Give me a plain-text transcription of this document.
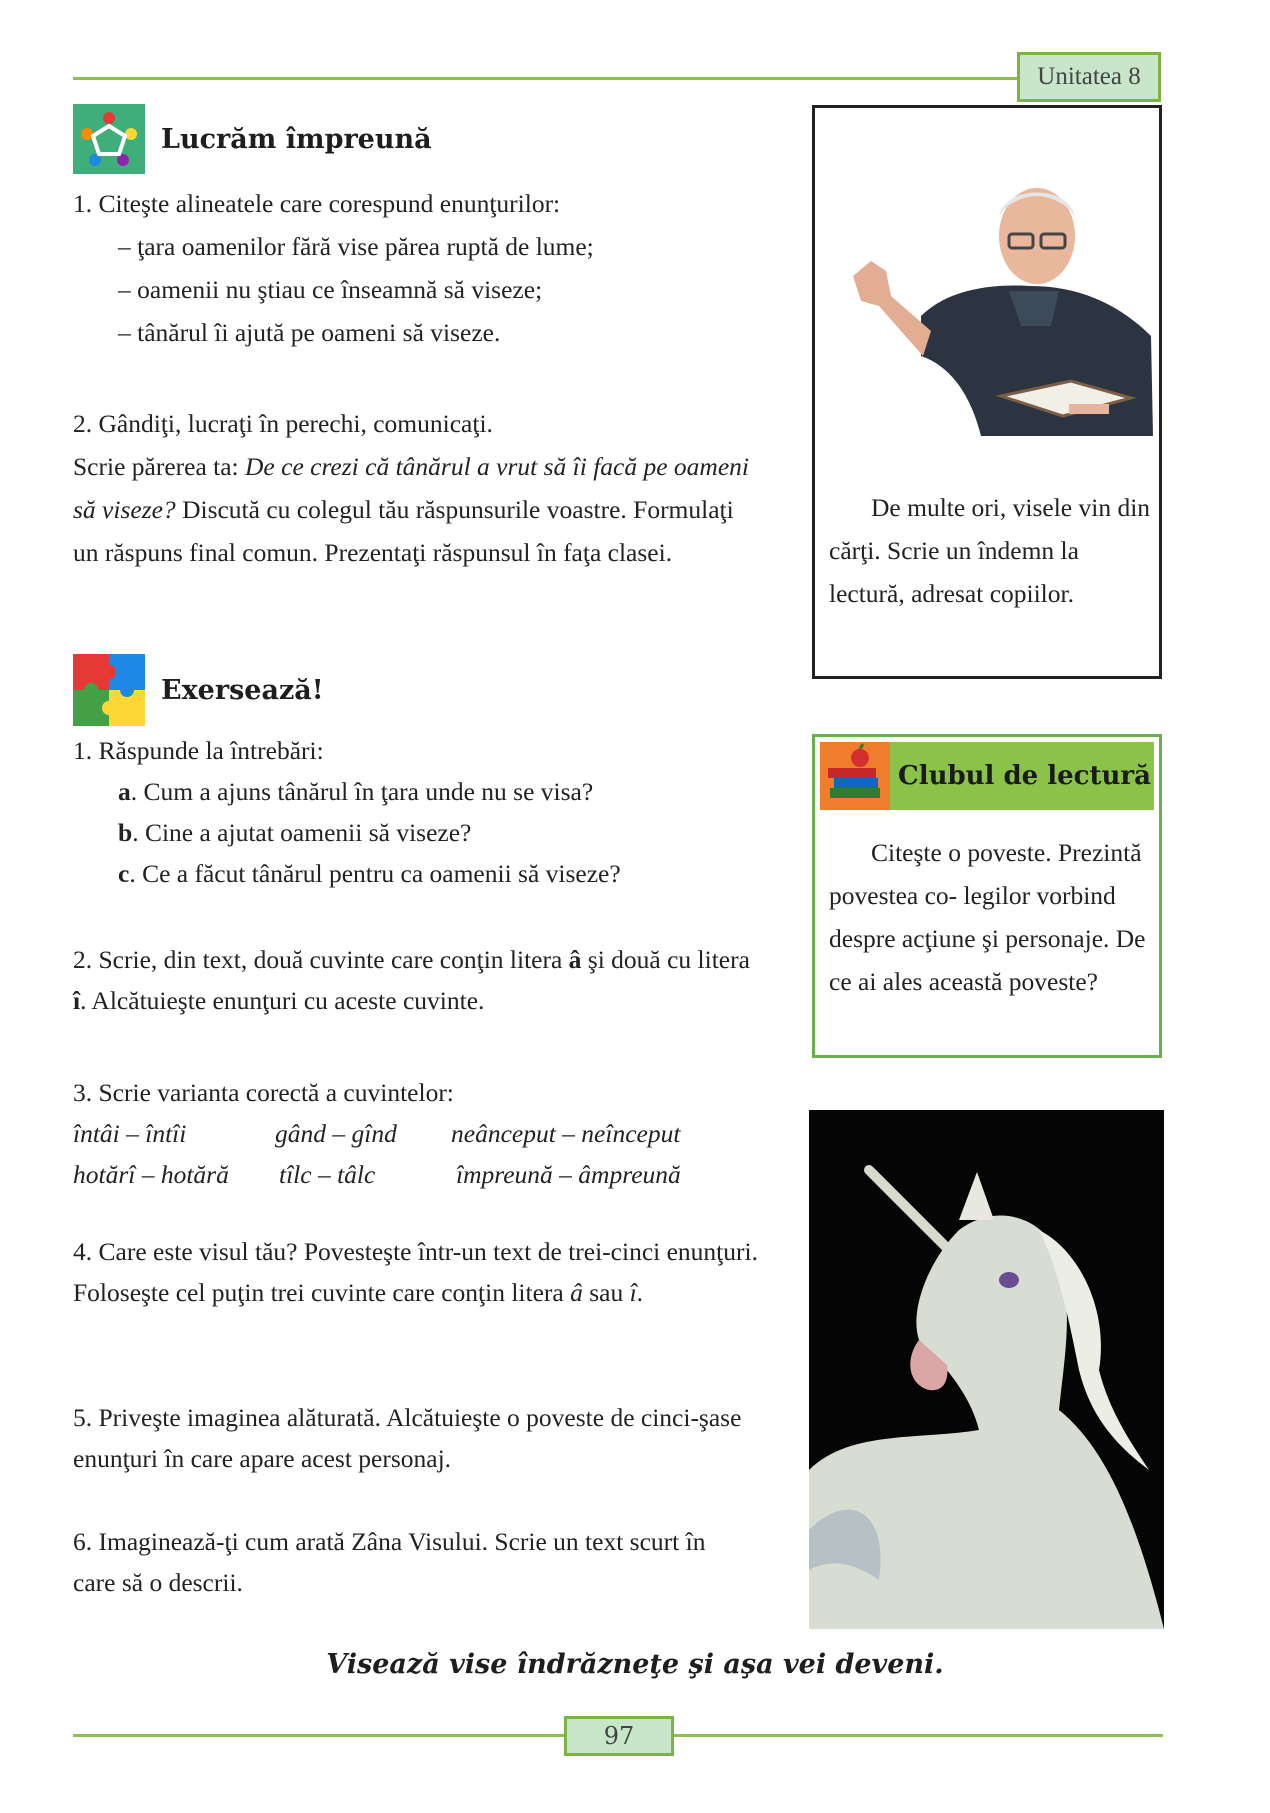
Unitatea 8
Lucrăm împreună

1. Citeşte alineatele care corespund enunţurilor:

– ţara oamenilor fără vise părea ruptă de lume;

– oamenii nu ştiau ce înseamnă să viseze;

– tânărul îi ajută pe oameni să viseze.

2. Gândiţi, lucraţi în perechi, comunicaţi.

Scrie părerea ta: De ce crezi că tânărul a vrut să îi facă pe oameni să viseze? Discută cu colegul tău răspunsurile voastre. Formulaţi un răspuns final comun. Prezentaţi răspunsul în faţa clasei.

Exersează!

1. Răspunde la întrebări:

a. Cum a ajuns tânărul în ţara unde nu se visa?

b. Cine a ajutat oamenii să viseze?

c. Ce a făcut tânărul pentru ca oamenii să viseze?

2. Scrie, din text, două cuvinte care conţin litera â şi două cu litera î. Alcătuieşte enunţuri cu aceste cuvinte.

3. Scrie varianta corectă a cuvintelor:

întâi – întîi	gând – gînd neânceput – neînceput
hotărî – hotără tîlc – tâlc	împreună – âmpreună

4. Care este visul tău? Povesteşte într-un text de trei-cinci enunţuri. Foloseşte cel puţin trei cuvinte care conţin litera â sau î.

5. Priveşte imaginea alăturată. Alcătuieşte o poveste de cinci-şase enunţuri în care apare acest personaj.

6. Imaginează-ţi cum arată Zâna Visului. Scrie un text scurt în care să o descrii.

De multe ori, visele vin din cărţi. Scrie un îndemn la lectură, adresat copiilor.

Clubul de lectură

Citeşte o poveste. Prezintă povestea co- legilor vorbind despre acţiune şi personaje. De ce ai ales această poveste?

Visează vise îndrăzneţe şi aşa vei deveni.
97
